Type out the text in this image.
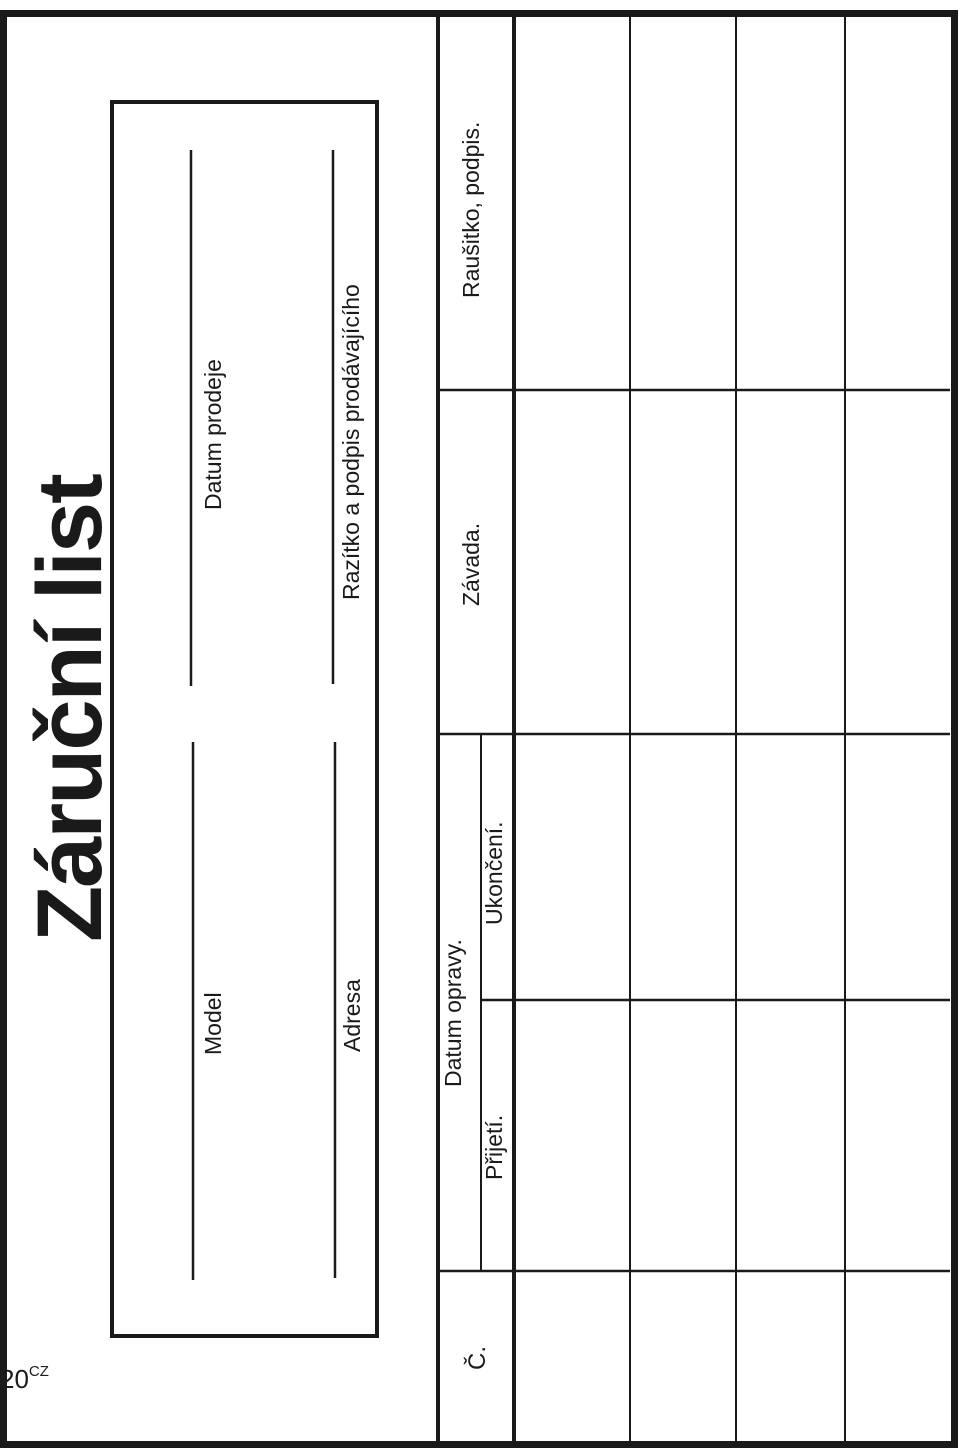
Záruční list
Datum prodeje
Model
Razítko a podpis prodávajícího
Adresa
Č.
Datum opravy.
Přijetí.
Ukončení.
Závada.
Raušitko, podpis.
$20^{CZ}$
